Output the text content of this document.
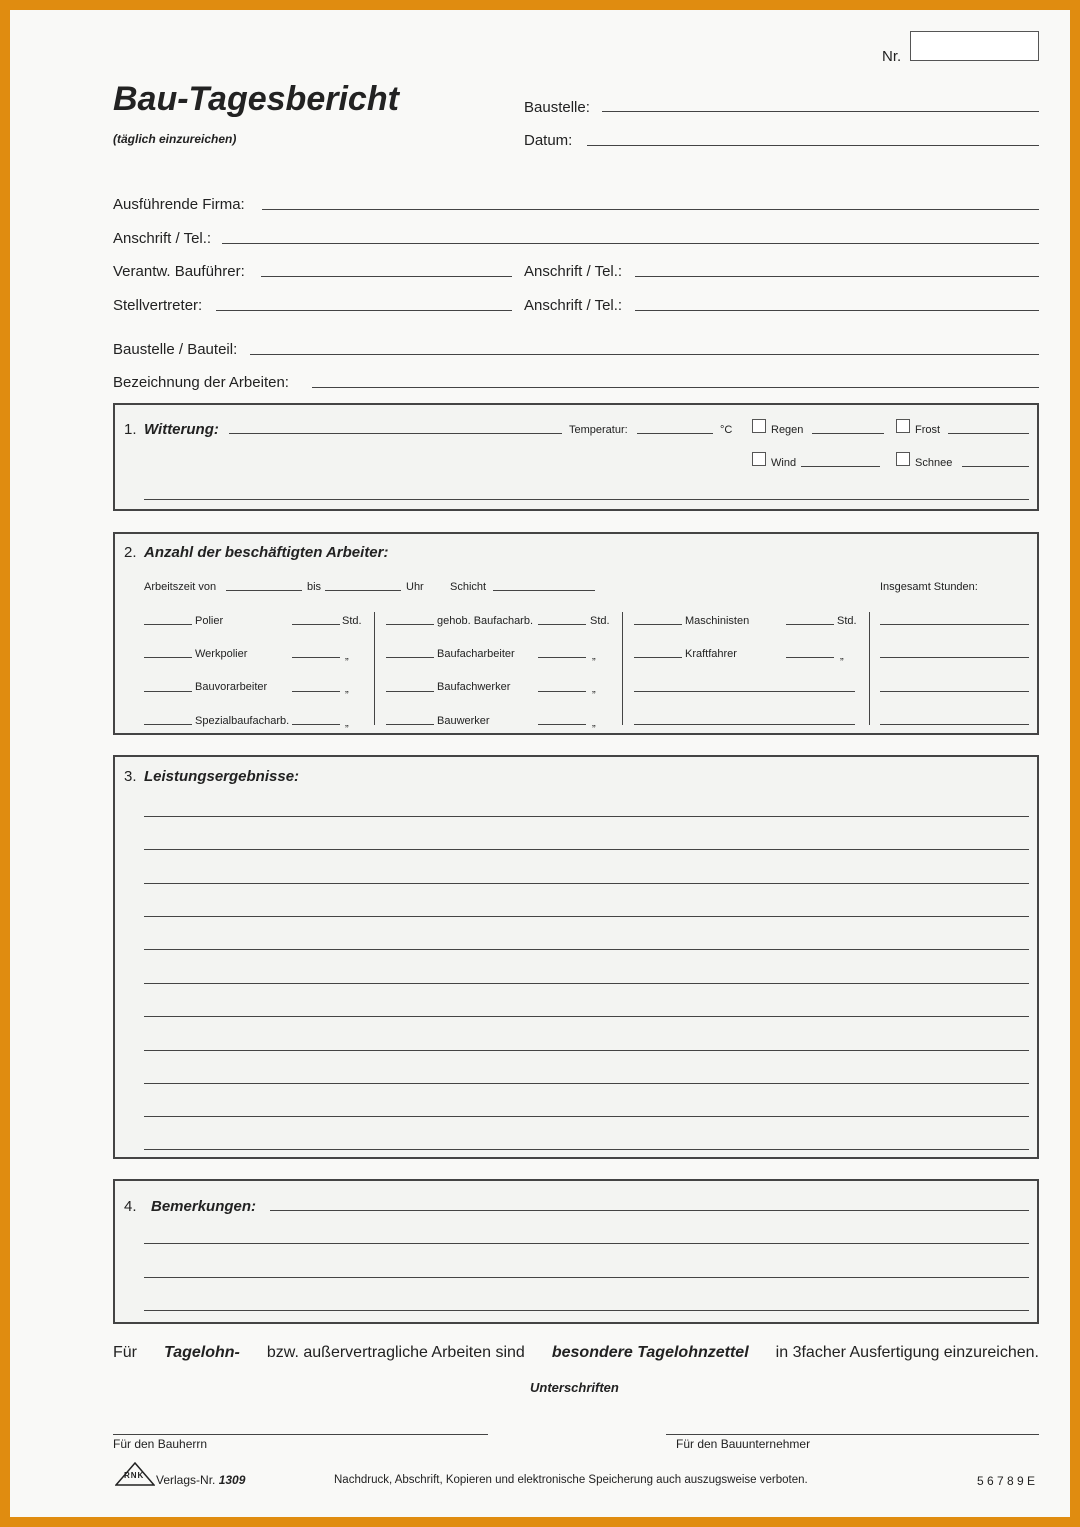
Nr.
Bau-Tagesbericht
(täglich einzureichen)
Baustelle:
Datum:
Ausführende Firma:
Anschrift / Tel.:
Verantw. Bauführer:	Anschrift / Tel.:
Stellvertreter:	Anschrift / Tel.:
Baustelle / Bauteil:
Bezeichnung der Arbeiten:
1. Witterung:	Temperatur:	°C	Regen	Frost
Wind	Schnee
2. Anzahl der beschäftigten Arbeiter:
Arbeitszeit von	bis	Uhr Schicht	Insgesamt Stunden:
Polier	Std.
Werkpolier	„
Bauvorarbeiter	„
Spezialbaufacharb.	„
gehob. Baufacharb.	Std.
Baufacharbeiter	„
Baufachwerker	„
Bauwerker	„
Maschinisten	Std.
Kraftfahrer	„
3. Leistungsergebnisse:
4. Bemerkungen:
Für Tagelohn- bzw. außervertragliche Arbeiten sind besondere Tagelohnzettel in 3facher Ausfertigung einzureichen.
Unterschriften
Für den Bauherrn	Für den Bauunternehmer
RNK Verlags-Nr. 1309	Nachdruck, Abschrift, Kopieren und elektronische Speicherung auch auszugsweise verboten.	5 6 7 8 9 E
